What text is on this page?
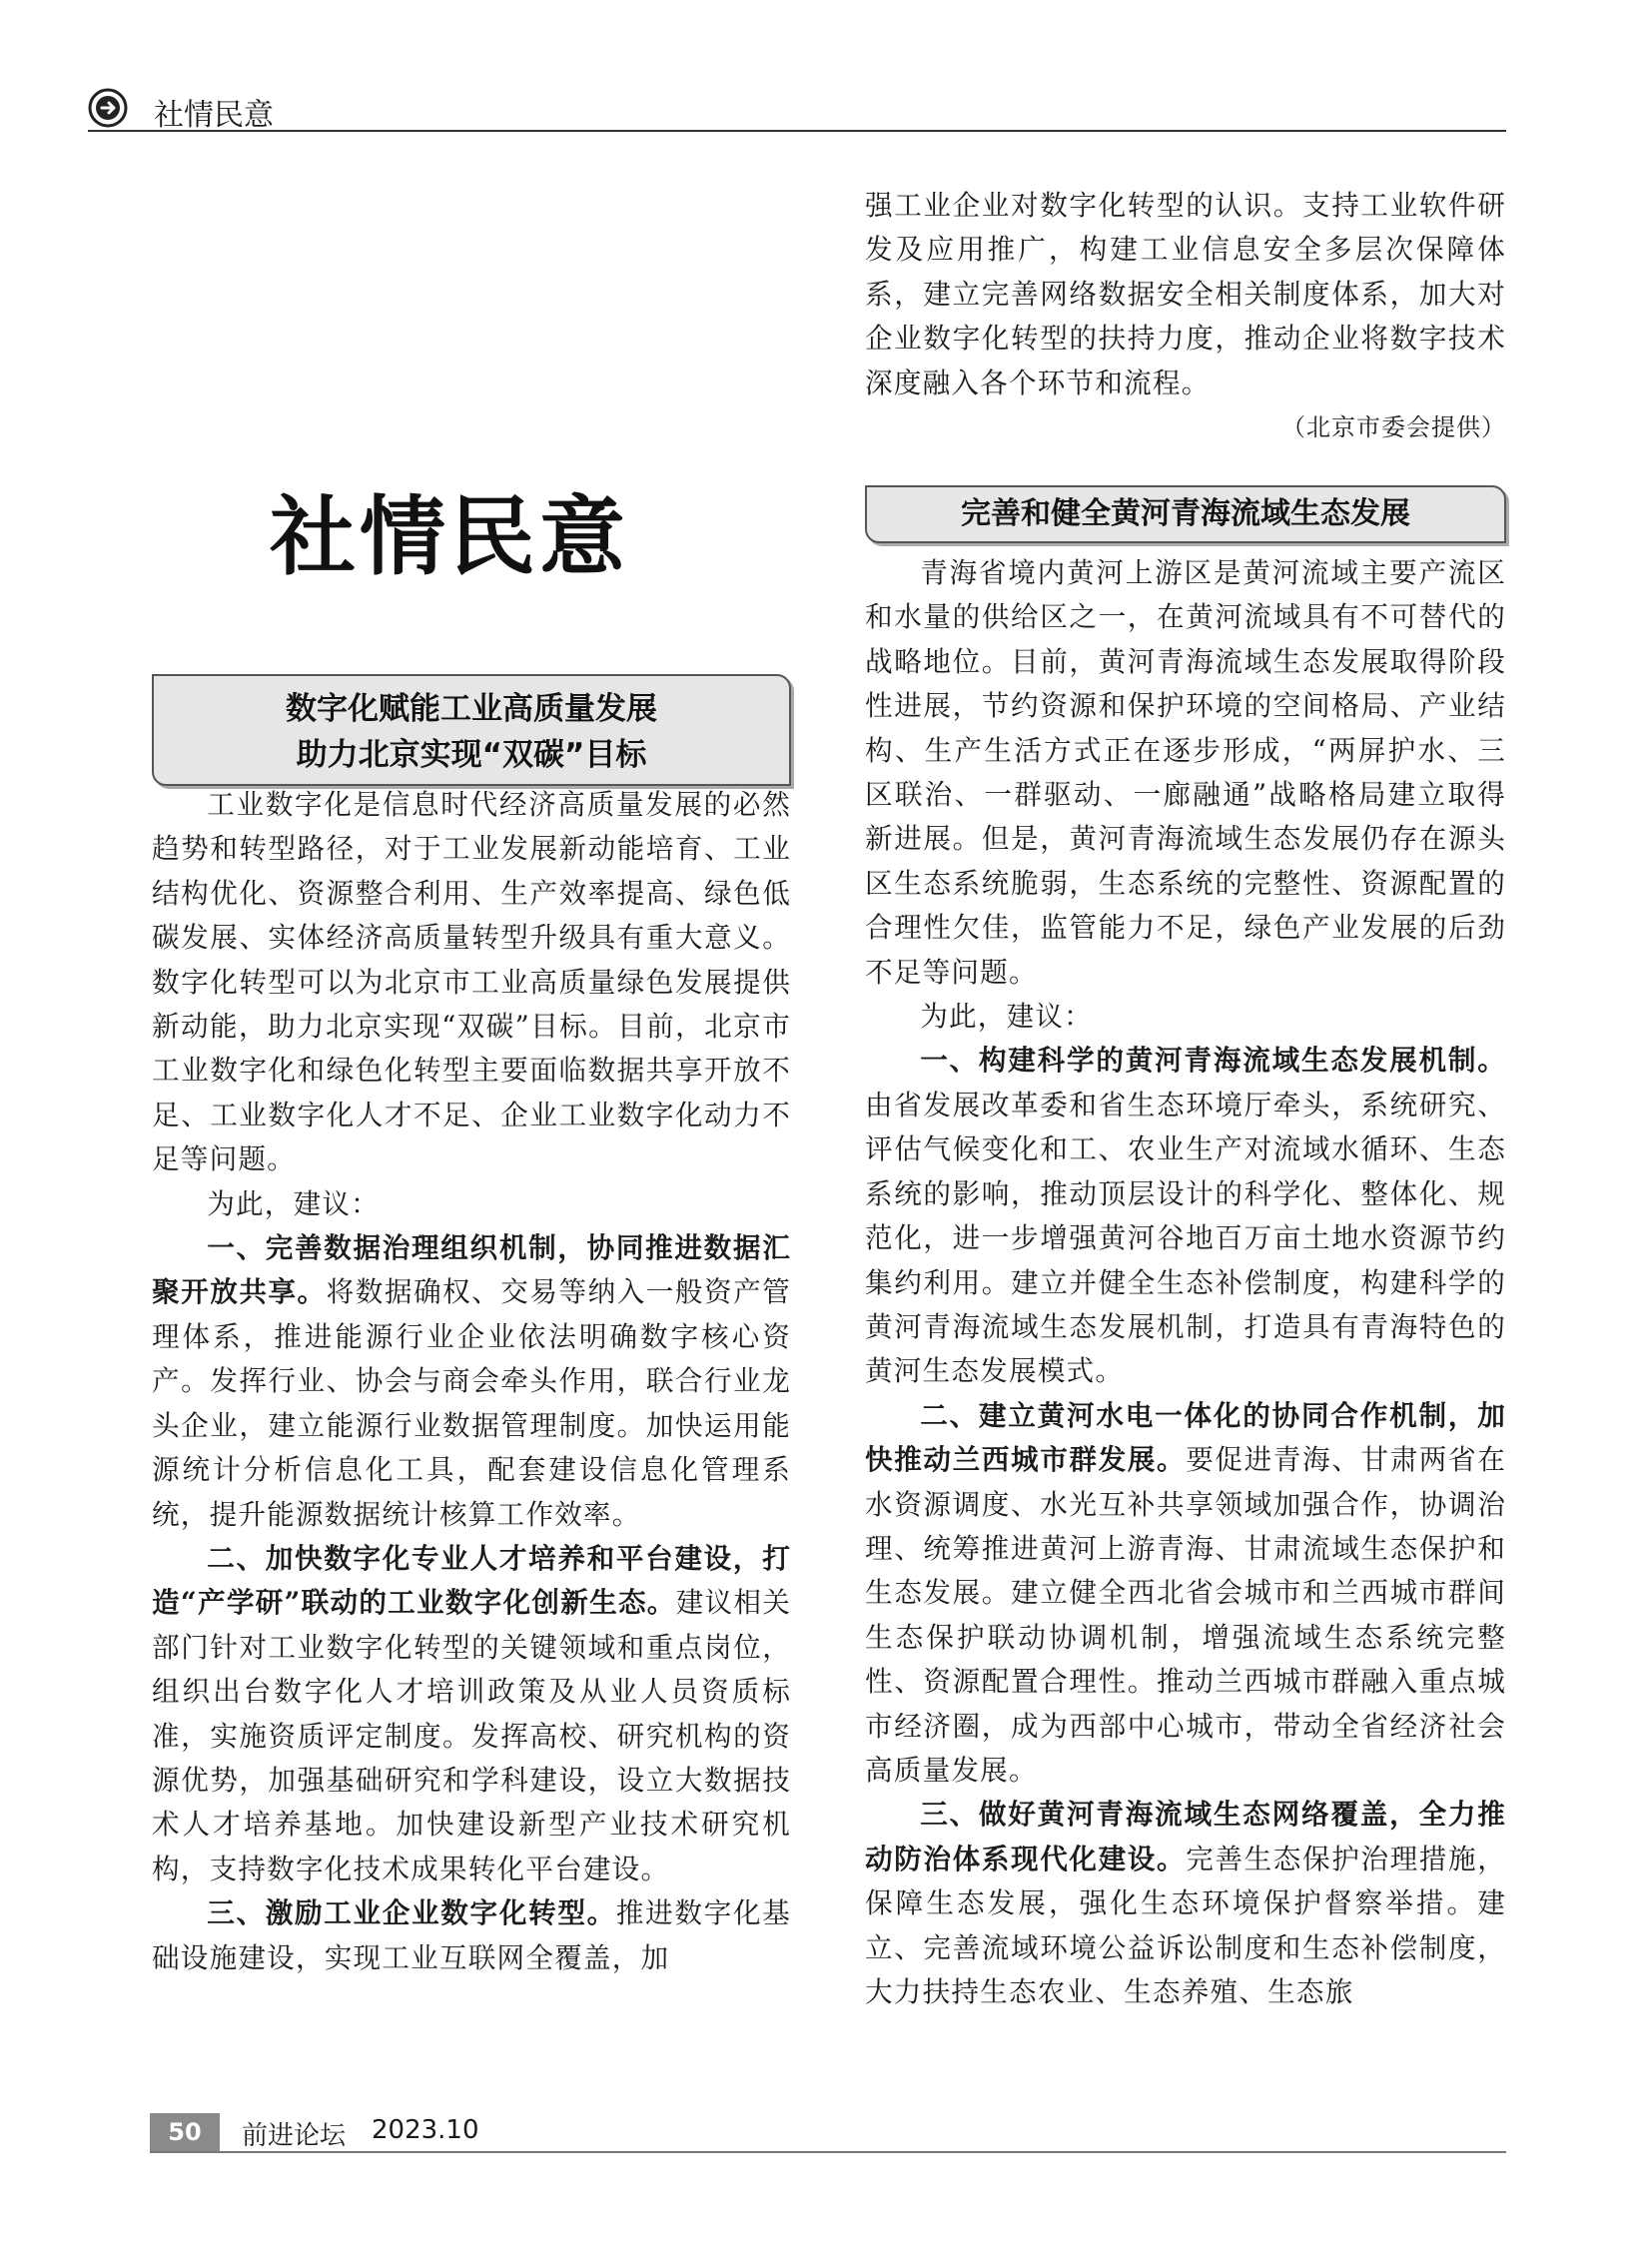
社情民意
社情民意
数字化赋能工业高质量发展
助力北京实现“双碳”目标

工业数字化是信息时代经济高质量发展的必然趋势和转型路径，对于工业发展新动能培育、工业结构优化、资源整合利用、生产效率提高、绿色低碳发展、实体经济高质量转型升级具有重大意义。数字化转型可以为北京市工业高质量绿色发展提供新动能，助力北京实现“双碳”目标。目前，北京市工业数字化和绿色化转型主要面临数据共享开放不足、工业数字化人才不足、企业工业数字化动力不足等问题。

为此，建议：

一、完善数据治理组织机制，协同推进数据汇聚开放共享。将数据确权、交易等纳入一般资产管理体系，推进能源行业企业依法明确数字核心资产。发挥行业、协会与商会牵头作用，联合行业龙头企业，建立能源行业数据管理制度。加快运用能源统计分析信息化工具，配套建设信息化管理系统，提升能源数据统计核算工作效率。

二、加快数字化专业人才培养和平台建设，打造“产学研”联动的工业数字化创新生态。建议相关部门针对工业数字化转型的关键领域和重点岗位，组织出台数字化人才培训政策及从业人员资质标准，实施资质评定制度。发挥高校、研究机构的资源优势，加强基础研究和学科建设，设立大数据技术人才培养基地。加快建设新型产业技术研究机构，支持数字化技术成果转化平台建设。

三、激励工业企业数字化转型。推进数字化基础设施建设，实现工业互联网全覆盖，加

强工业企业对数字化转型的认识。支持工业软件研发及应用推广，构建工业信息安全多层次保障体系，建立完善网络数据安全相关制度体系，加大对企业数字化转型的扶持力度，推动企业将数字技术深度融入各个环节和流程。

（北京市委会提供）
完善和健全黄河青海流域生态发展

青海省境内黄河上游区是黄河流域主要产流区和水量的供给区之一，在黄河流域具有不可替代的战略地位。目前，黄河青海流域生态发展取得阶段性进展，节约资源和保护环境的空间格局、产业结构、生产生活方式正在逐步形成，“两屏护水、三区联治、一群驱动、一廊融通”战略格局建立取得新进展。但是，黄河青海流域生态发展仍存在源头区生态系统脆弱，生态系统的完整性、资源配置的合理性欠佳，监管能力不足，绿色产业发展的后劲不足等问题。

为此，建议：

一、构建科学的黄河青海流域生态发展机制。由省发展改革委和省生态环境厅牵头，系统研究、评估气候变化和工、农业生产对流域水循环、生态系统的影响，推动顶层设计的科学化、整体化、规范化，进一步增强黄河谷地百万亩土地水资源节约集约利用。建立并健全生态补偿制度，构建科学的黄河青海流域生态发展机制，打造具有青海特色的黄河生态发展模式。

二、建立黄河水电一体化的协同合作机制，加快推动兰西城市群发展。要促进青海、甘肃两省在水资源调度、水光互补共享领域加强合作，协调治理、统筹推进黄河上游青海、甘肃流域生态保护和生态发展。建立健全西北省会城市和兰西城市群间生态保护联动协调机制，增强流域生态系统完整性、资源配置合理性。推动兰西城市群融入重点城市经济圈，成为西部中心城市，带动全省经济社会高质量发展。

三、做好黄河青海流域生态网络覆盖，全力推动防治体系现代化建设。完善生态保护治理措施，保障生态发展，强化生态环境保护督察举措。建立、完善流域环境公益诉讼制度和生态补偿制度，大力扶持生态农业、生态养殖、生态旅

50	前进论坛 2023.10
